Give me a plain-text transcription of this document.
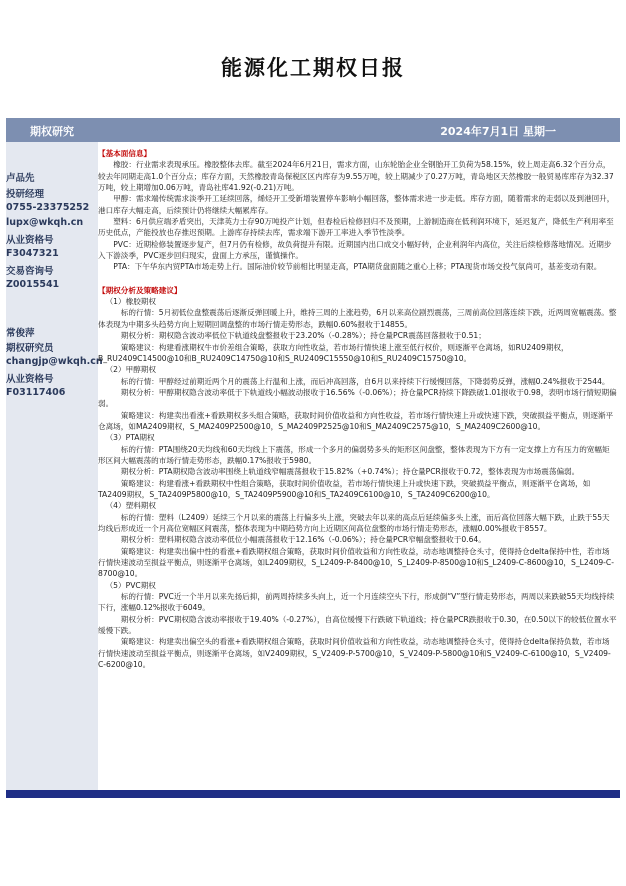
能源化工期权日报
期权研究	2024年7月1日 星期一
卢品先
投研经理
0755-23375252
lupx@wkqh.cn
从业资格号
F3047321
交易咨询号
Z0015541
常俊萍
期权研究员
changjp@wkqh.cn
从业资格号
F03117406
【基本面信息】
橡胶：行业需求表现承压。橡胶整体去库。截至2024年6月21日，需求方面，山东轮胎企业全钢胎开工负荷为58.15%，较上周走高6.32个百分点，较去年同期走高1.0个百分点；库存方面，天然橡胶青岛保税区区内库存为9.55万吨，较上期减少了0.27万吨，青岛地区天然橡胶一般贸易库库存为32.37万吨，较上期增加0.06万吨，青岛社库41.92(-0.21)万吨。
甲醇：需求端传统需求淡季开工延续回落，烯烃开工受新增装置停车影响小幅回落，整体需求进一步走低。库存方面，随着需求的走弱以及到港回升，港口库存大幅走高，后续预计仍将继续大幅累库存。
塑料：6月供应端矛盾突出，天津英力士存90万吨投产计划，但春检后检修回归不及预期，上游制造商在低利润环境下，延迟复产，降低生产利用率至历史低点，产能投放也存推迟预期。上游库存持续去库，需求端下游开工率进入季节性淡季。
PVC：近期检修装置逐步复产，但7月仍有检修，故负荷提升有限。近期国内出口成交小幅好转，企业利润年内高位，关注后续检修落地情况。近期步入下游淡季，PVC逐步回归现实，盘面上方承压，谨慎操作。
PTA：下午华东内贸PTA市场走势上行。国际油价较节前相比明显走高，PTA期货盘面随之重心上移；PTA现货市场交投气氛尚可，基差变动有限。
【期权分析及策略建议】
（1）橡胶期权
标的行情：5月初低位盘整震荡后逐渐反弹回暖上升，维持三周的上涨趋势，6月以来高位剧烈震荡，三周前高位回落连续下跌，近两周宽幅震荡。整体表现为中期多头趋势方向上短期回调盘整的市场行情走势形态，跌幅0.60%报收于14855。
期权分析：期权隐含波动率低位下轨道线盘整报收于23.20%（-0.28%）；持仓量PCR震荡回落报收于0.51；
策略建议：构建看涨期权牛市价差组合策略，获取方向性收益，若市场行情快速上涨至低行权价，则逐渐平仓离场，如RU2409期权，B_RU2409C14500@10和B_RU2409C14750@10和S_RU2409C15550@10和S_RU2409C15750@10。
（2）甲醇期权
标的行情：甲醇经过前期近两个月的震荡上行温和上涨，而后冲高回落，自6月以来持续下行缓慢回落，下降弱势反弹，涨幅0.24%报收于2544。
期权分析：甲醇期权隐含波动率低于下轨道线小幅波动报收于16.56%（-0.06%）；持仓量PCR持续下降跌破1.01报收于0.98，表明市场行情短期偏弱。
策略建议：构建卖出看涨+看跌期权多头组合策略，获取时间价值收益和方向性收益，若市场行情快速上升或快速下跌，突破损益平衡点，则逐渐平仓离场，如MA2409期权，S_MA2409P2500@10，S_MA2409P2525@10和S_MA2409C2575@10，S_MA2409C2600@10。
（3）PTA期权
标的行情：PTA围绕20天均线和60天均线上下震荡，形成一个多月的偏弱势多头的矩形区间盘整，整体表现为下方有一定支撑上方有压力的宽幅矩形区间大幅震荡的市场行情走势形态，跌幅0.17%报收于5980。
期权分析：PTA期权隐含波动率围绕上轨道线窄幅震荡报收于15.82%（+0.74%）；持仓量PCR报收于0.72，整体表现为市场震荡偏弱。
策略建议：构建看涨+看跌期权中性组合策略，获取时间价值收益，若市场行情快速上升或快速下跌，突破损益平衡点，则逐渐平仓离场，如TA2409期权，S_TA2409P5800@10，S_TA2409P5900@10和S_TA2409C6100@10，S_TA2409C6200@10。
（4）塑料期权
标的行情：塑料（L2409）延续三个月以来的震荡上行偏多头上涨，突破去年以来的高点后延续偏多头上涨，而后高位回落大幅下跌，止跌于55天均线后形成近一个月高位宽幅区间震荡，整体表现为中期趋势方向上近期区间高位盘整的市场行情走势形态，涨幅0.00%报收于8557。
期权分析：塑料期权隐含波动率低位小幅震荡报收于12.16%（-0.06%）；持仓量PCR窄幅盘整报收于0.64。
策略建议：构建卖出偏中性的看涨+看跌期权组合策略，获取时间价值收益和方向性收益，动态地调整持仓头寸，使得持仓delta保持中性，若市场行情快速波动至损益平衡点，则逐渐平仓离场，如L2409期权，S_L2409-P-8400@10，S_L2409-P-8500@10和S_L2409-C-8600@10，S_L2409-C-8700@10。
（5）PVC期权
标的行情：PVC近一个半月以来先扬后抑，前两周持续多头向上，近一个月连续空头下行，形成倒“V”型行情走势形态，两周以来跌破55天均线持续下行，涨幅0.12%报收于6049。
期权分析：PVC期权隐含波动率报收于19.40%（-0.27%），自高位缓慢下行跌破下轨道线；持仓量PCR跌报收于0.30，在0.50以下的较低位置水平缓慢下跌。
策略建议：构建卖出偏空头的看涨+看跌期权组合策略，获取时间价值收益和方向性收益，动态地调整持仓头寸，使得持仓delta保持负数，若市场行情快速波动至损益平衡点，则逐渐平仓离场，如V2409期权，S_V2409-P-5700@10，S_V2409-P-5800@10和S_V2409-C-6100@10，S_V2409-C-6200@10。
